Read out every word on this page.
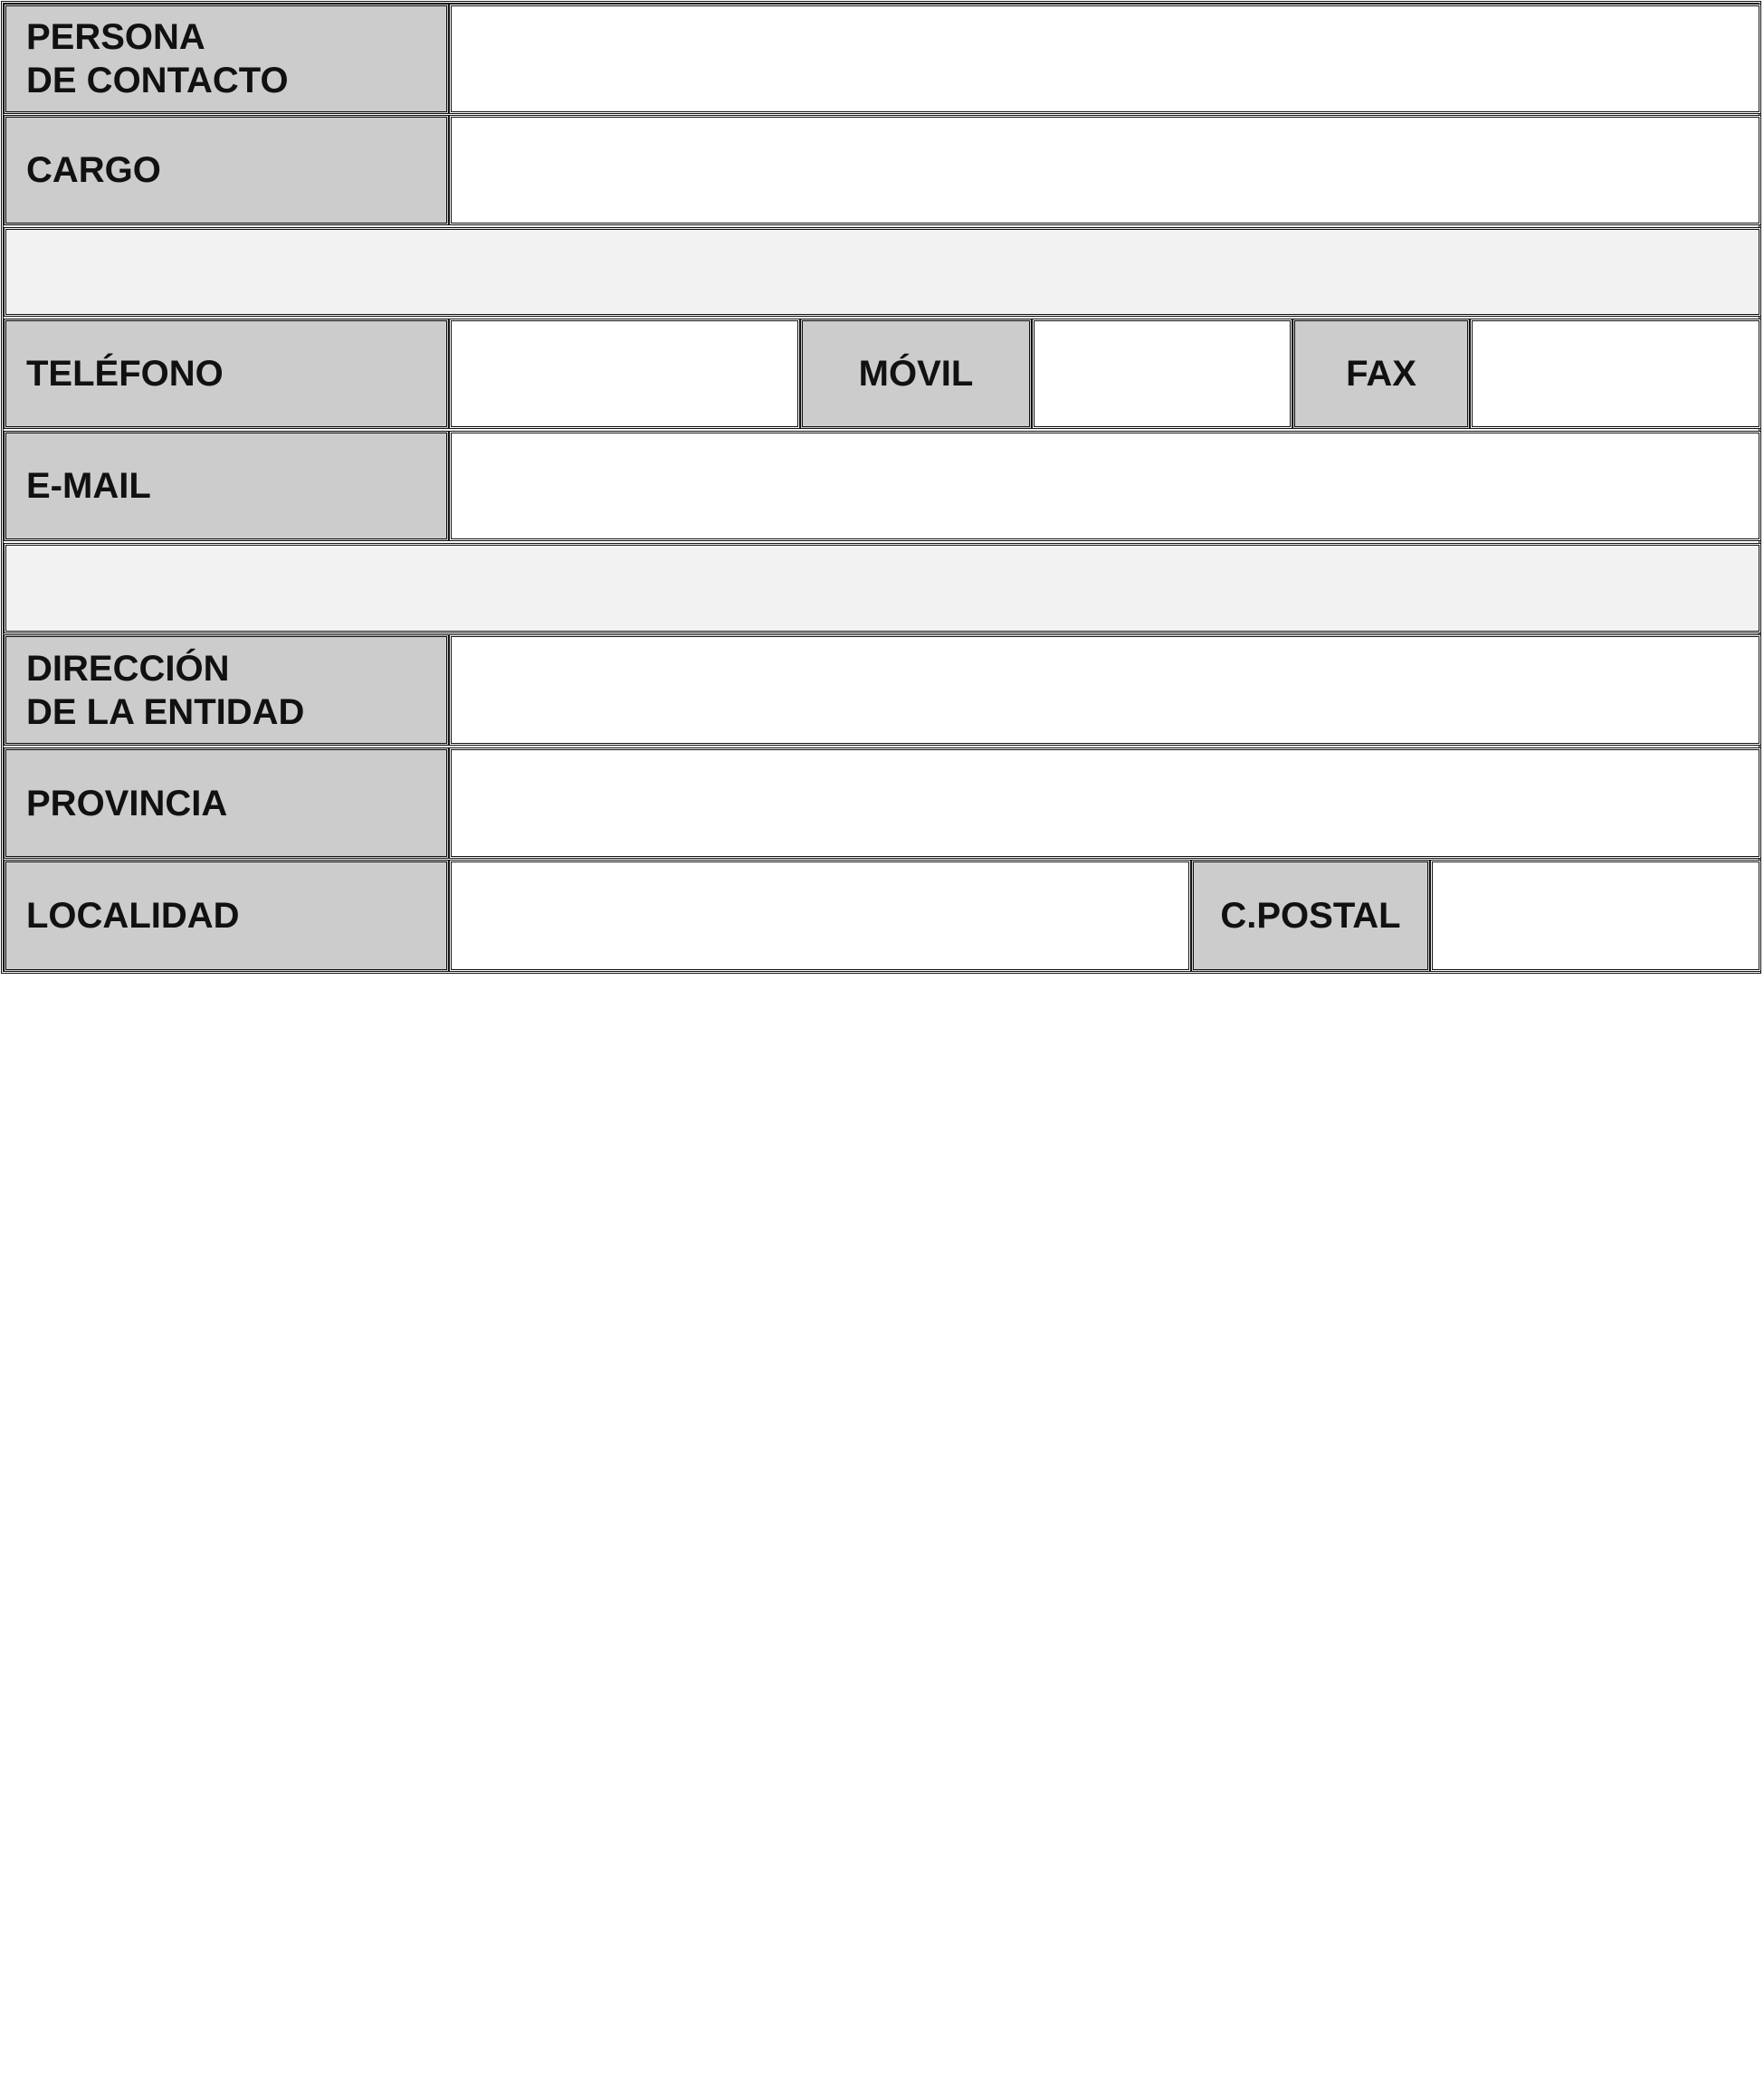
PERSONA
DE CONTACTO
CARGO
TELÉFONO	MÓVIL	FAX
E-MAIL
DIRECCIÓN
DE LA ENTIDAD
PROVINCIA
LOCALIDAD	C.POSTAL
